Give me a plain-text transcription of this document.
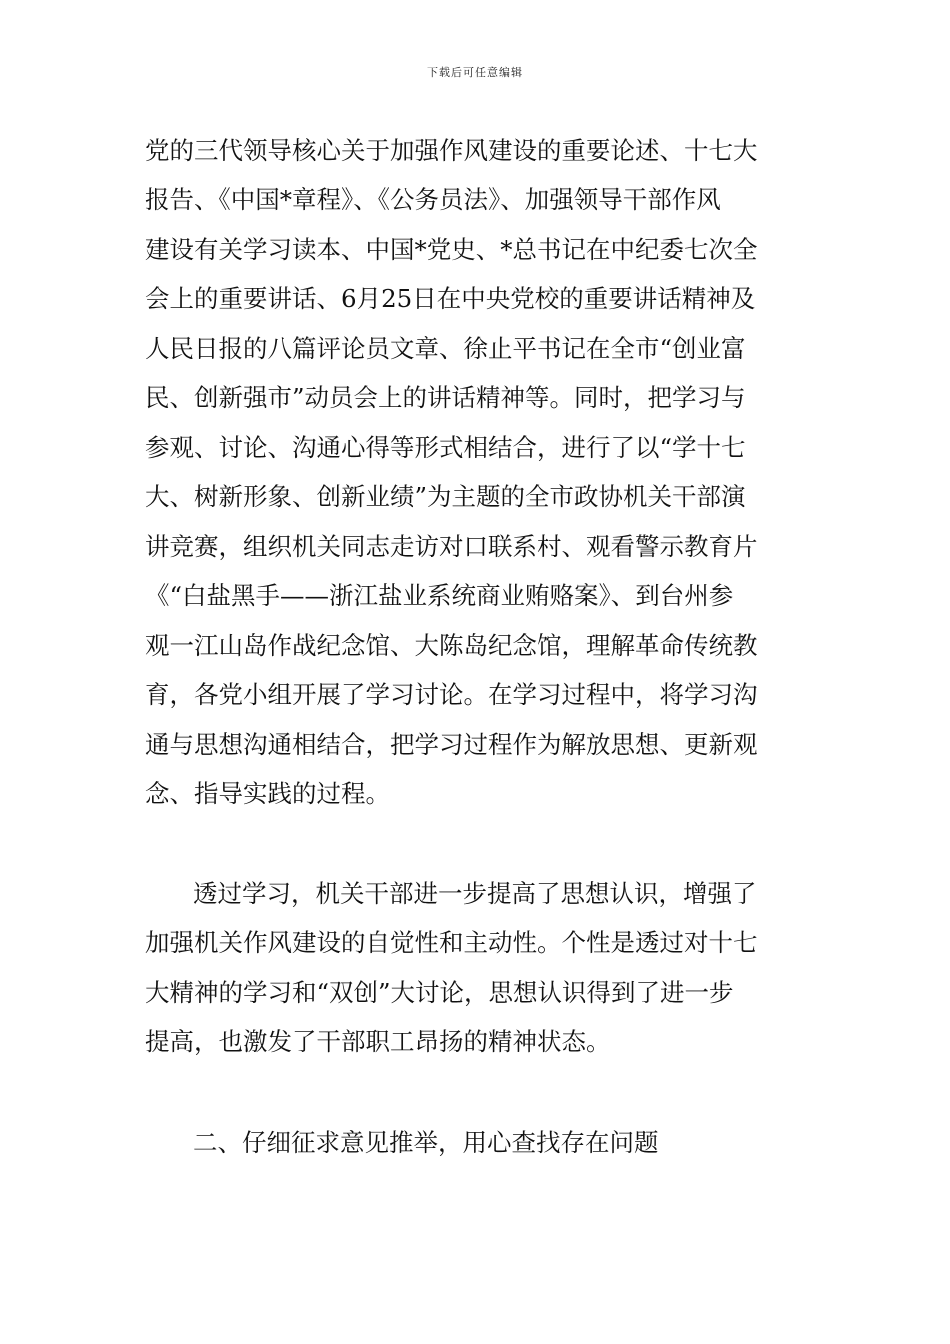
下载后可任意编辑
党的三代领导核心关于加强作风建设的重要论述、十七大
报告、《中国*章程》、《公务员法》、加强领导干部作风
建设有关学习读本、中国*党史、*总书记在中纪委七次全
会上的重要讲话、6月25日在中央党校的重要讲话精神及
人民日报的八篇评论员文章、徐止平书记在全市“创业富
民、创新强市”动员会上的讲话精神等。同时，把学习与
参观、讨论、沟通心得等形式相结合，进行了以“学十七
大、树新形象、创新业绩”为主题的全市政协机关干部演
讲竞赛，组织机关同志走访对口联系村、观看警示教育片
《“白盐黑手——浙江盐业系统商业贿赂案》、到台州参
观一江山岛作战纪念馆、大陈岛纪念馆，理解革命传统教
育，各党小组开展了学习讨论。在学习过程中，将学习沟
通与思想沟通相结合，把学习过程作为解放思想、更新观
念、指导实践的过程。
透过学习，机关干部进一步提高了思想认识，增强了
加强机关作风建设的自觉性和主动性。个性是透过对十七
大精神的学习和“双创”大讨论，思想认识得到了进一步
提高，也激发了干部职工昂扬的精神状态。
二、仔细征求意见推举，用心查找存在问题
